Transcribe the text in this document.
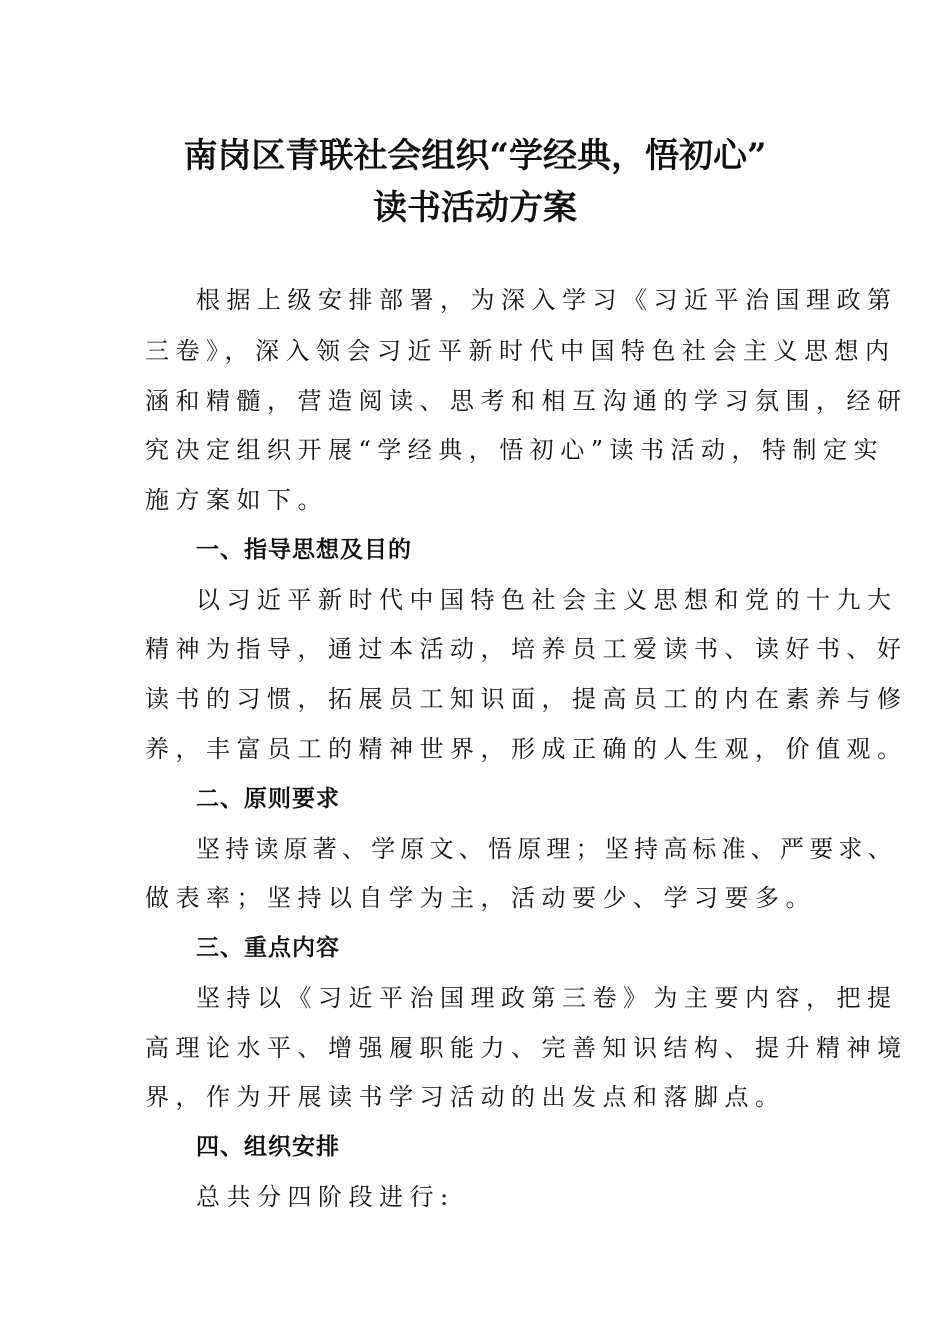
南岗区青联社会组织“学经典，悟初心”
读书活动方案
根据上级安排部署，为深入学习《习近平治国理政第
三卷》，深入领会习近平新时代中国特色社会主义思想内
涵和精髓，营造阅读、思考和相互沟通的学习氛围，经研
究决定组织开展“学经典，悟初心”读书活动，特制定实
施方案如下。
一、指导思想及目的
以习近平新时代中国特色社会主义思想和党的十九大
精神为指导，通过本活动，培养员工爱读书、读好书、好
读书的习惯，拓展员工知识面，提高员工的内在素养与修
养，丰富员工的精神世界，形成正确的人生观，价值观。
二、原则要求
坚持读原著、学原文、悟原理；坚持高标准、严要求、
做表率；坚持以自学为主，活动要少、学习要多。
三、重点内容
坚持以《习近平治国理政第三卷》为主要内容，把提
高理论水平、增强履职能力、完善知识结构、提升精神境
界，作为开展读书学习活动的出发点和落脚点。
四、组织安排
总共分四阶段进行:
